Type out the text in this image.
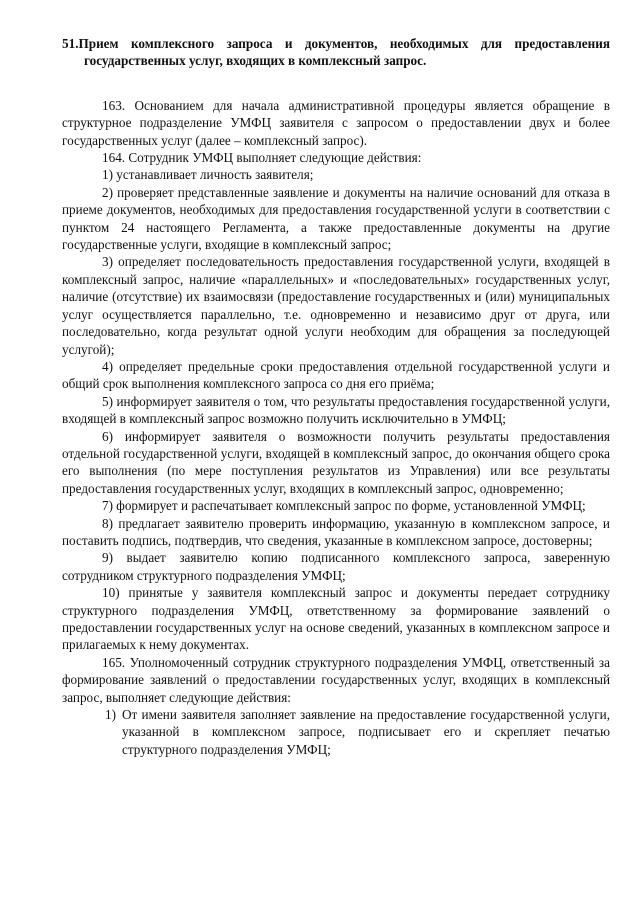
51.Прием комплексного запроса и документов, необходимых для предоставления государственных услуг, входящих в комплексный запрос.

163. Основанием для начала административной процедуры является обращение в структурное подразделение УМФЦ заявителя с запросом о предоставлении двух и более государственных услуг (далее – комплексный запрос).

164. Сотрудник УМФЦ выполняет следующие действия:

1) устанавливает личность заявителя;

2) проверяет представленные заявление и документы на наличие оснований для отказа в приеме документов, необходимых для предоставления государственной услуги в соответствии с пунктом 24 настоящего Регламента, а также предоставленные документы на другие государственные услуги, входящие в комплексный запрос;

3) определяет последовательность предоставления государственной услуги, входящей в комплексный запрос, наличие «параллельных» и «последовательных» государственных услуг, наличие (отсутствие) их взаимосвязи (предоставление государственных и (или) муниципальных услуг осуществляется параллельно, т.е. одновременно и независимо друг от друга, или последовательно, когда результат одной услуги необходим для обращения за последующей услугой);

4) определяет предельные сроки предоставления отдельной государственной услуги и общий срок выполнения комплексного запроса со дня его приёма;

5) информирует заявителя о том, что результаты предоставления государственной услуги, входящей в комплексный запрос возможно получить исключительно в УМФЦ;

6) информирует заявителя о возможности получить результаты предоставления отдельной государственной услуги, входящей в комплексный запрос, до окончания общего срока его выполнения (по мере поступления результатов из Управления) или все результаты предоставления государственных услуг, входящих в комплексный запрос, одновременно;

7) формирует и распечатывает комплексный запрос по форме, установленной УМФЦ;

8) предлагает заявителю проверить информацию, указанную в комплексном запросе, и поставить подпись, подтвердив, что сведения, указанные в комплексном запросе, достоверны;

9) выдает заявителю копию подписанного комплексного запроса, заверенную сотрудником структурного подразделения УМФЦ;

10) принятые у заявителя комплексный запрос и документы передает сотруднику структурного подразделения УМФЦ, ответственному за формирование заявлений о предоставлении государственных услуг на основе сведений, указанных в комплексном запросе и прилагаемых к нему документах.

165. Уполномоченный сотрудник структурного подразделения УМФЦ, ответственный за формирование заявлений о предоставлении государственных услуг, входящих в комплексный запрос, выполняет следующие действия:

1) От имени заявителя заполняет заявление на предоставление государственной услуги, указанной в комплексном запросе, подписывает его и скрепляет печатью структурного подразделения УМФЦ;
